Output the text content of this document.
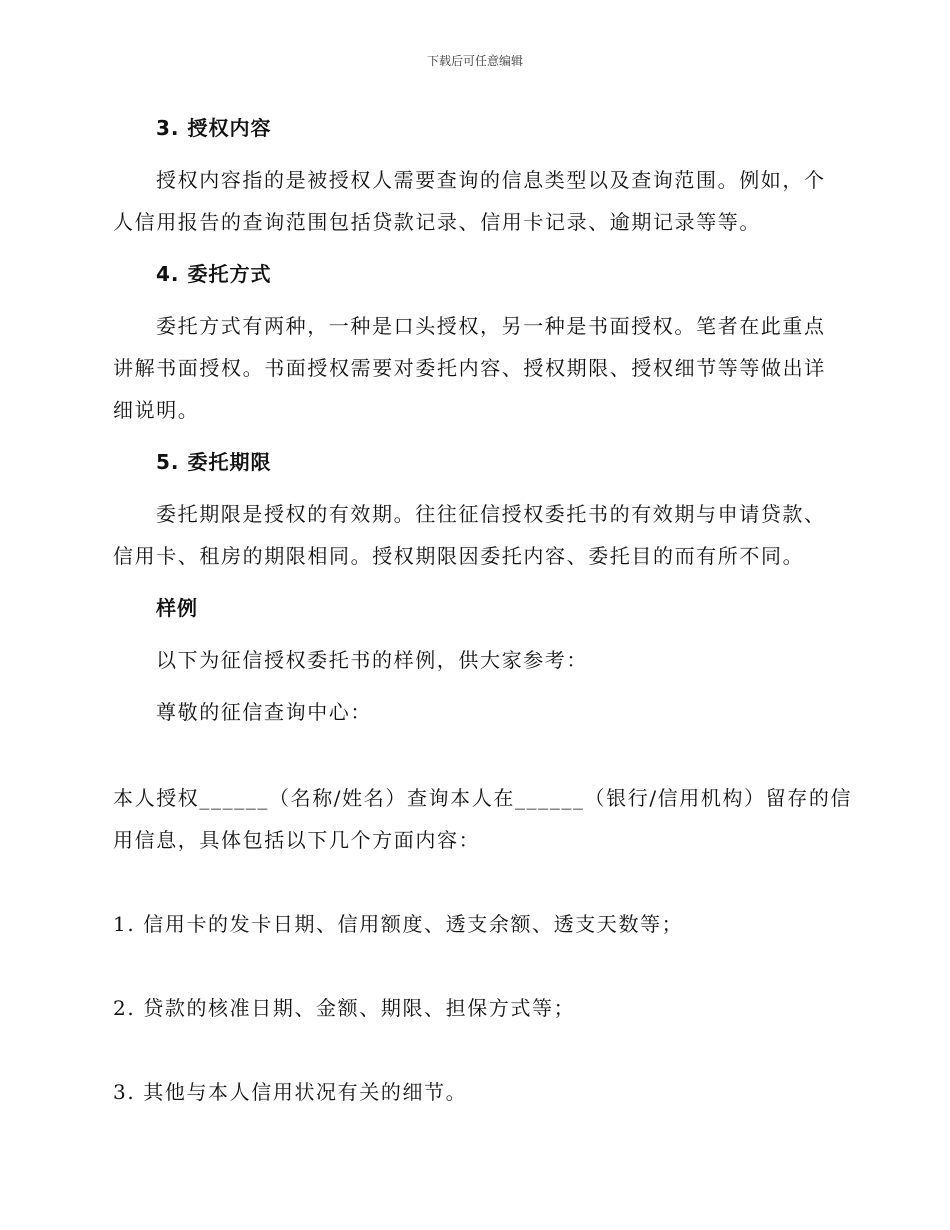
下载后可任意编辑
3. 授权内容
授权内容指的是被授权人需要查询的信息类型以及查询范围。例如，个
人信用报告的查询范围包括贷款记录、信用卡记录、逾期记录等等。
4. 委托方式
委托方式有两种，一种是口头授权，另一种是书面授权。笔者在此重点
讲解书面授权。书面授权需要对委托内容、授权期限、授权细节等等做出详
细说明。
5. 委托期限
委托期限是授权的有效期。往往征信授权委托书的有效期与申请贷款、
信用卡、租房的期限相同。授权期限因委托内容、委托目的而有所不同。
样例
以下为征信授权委托书的样例，供大家参考：
尊敬的征信查询中心：
本人授权______（名称/姓名）查询本人在______（银行/信用机构）留存的信
用信息，具体包括以下几个方面内容：
1. 信用卡的发卡日期、信用额度、透支余额、透支天数等；
2. 贷款的核准日期、金额、期限、担保方式等；
3. 其他与本人信用状况有关的细节。
